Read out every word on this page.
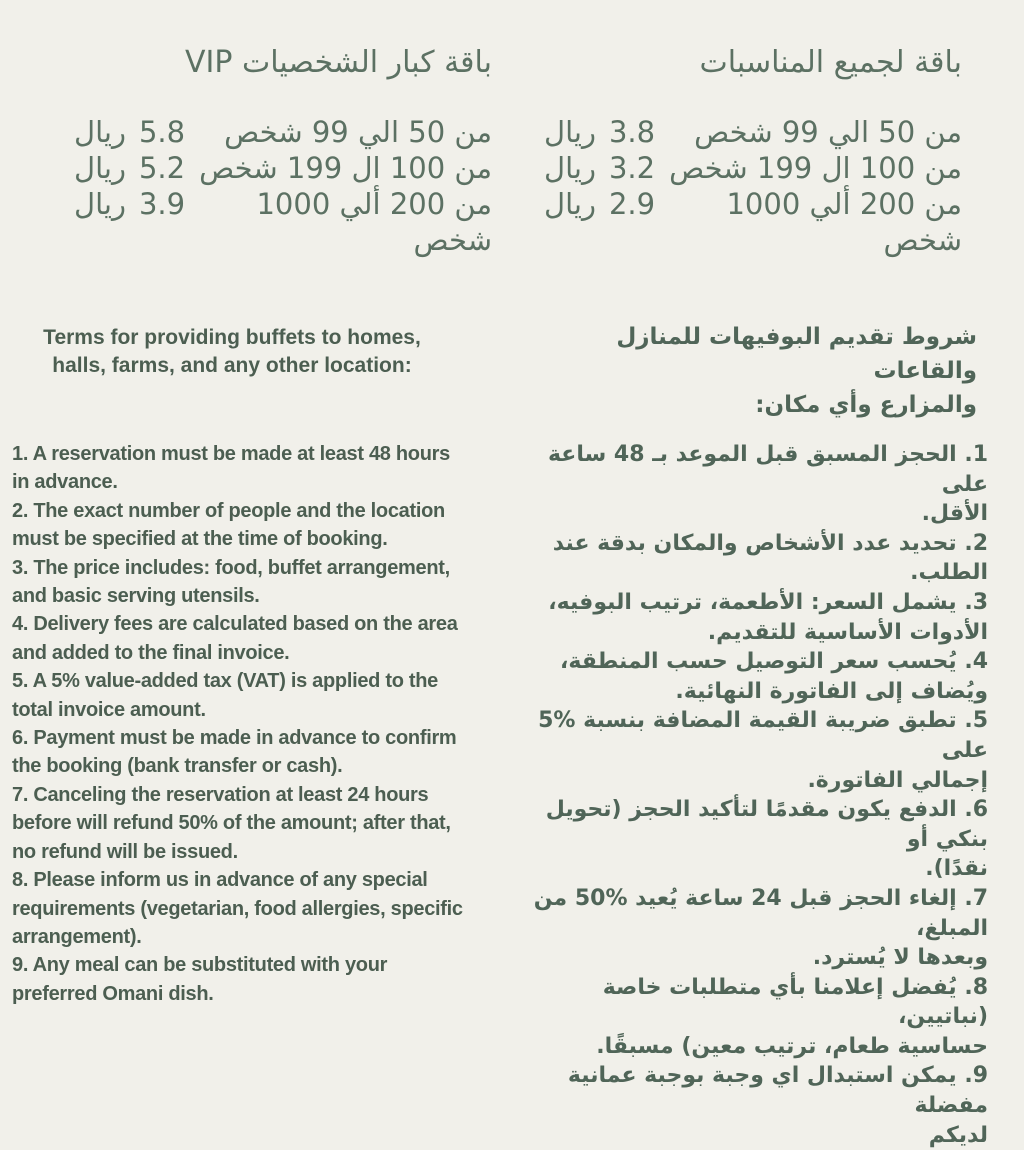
باقة كبار الشخصيات VIP
من 50 الي 99 شخص
5.8
ريال
من 100 ال 199 شخص
5.2
ريال
من 200 ألي 1000 شخص
3.9
ريال
باقة لجميع المناسبات
من 50 الي 99 شخص
3.8
ريال
من 100 ال 199 شخص
3.2
ريال
من 200 ألي 1000 شخص
2.9
ريال
Terms for providing buffets to homes,
halls, farms, and any other location:
شروط تقديم البوفيهات للمنازل والقاعات
والمزارع وأي مكان:
1. A reservation must be made at least 48 hours
in advance.
2. The exact number of people and the location
must be specified at the time of booking.
3. The price includes: food, buffet arrangement,
and basic serving utensils.
4. Delivery fees are calculated based on the area
and added to the final invoice.
5. A 5% value-added tax (VAT) is applied to the
total invoice amount.
6. Payment must be made in advance to confirm
the booking (bank transfer or cash).
7. Canceling the reservation at least 24 hours
before will refund 50% of the amount; after that,
no refund will be issued.
8. Please inform us in advance of any special
requirements (vegetarian, food allergies, specific
arrangement).
9. Any meal can be substituted with your
preferred Omani dish.
1. الحجز المسبق قبل الموعد بـ 48 ساعة على
الأقل.
2. تحديد عدد الأشخاص والمكان بدقة عند الطلب.
3. يشمل السعر: الأطعمة، ترتيب البوفيه،
الأدوات الأساسية للتقديم.
4. يُحسب سعر التوصيل حسب المنطقة،
ويُضاف إلى الفاتورة النهائية.
5. تطبق ضريبة القيمة المضافة بنسبة %5 على
إجمالي الفاتورة.
6. الدفع يكون مقدمًا لتأكيد الحجز (تحويل بنكي أو
نقدًا).
7. إلغاء الحجز قبل 24 ساعة يُعيد %50 من المبلغ،
وبعدها لا يُسترد.
8. يُفضل إعلامنا بأي متطلبات خاصة (نباتيين،
حساسية طعام، ترتيب معين) مسبقًا.
9. يمكن استبدال اي وجبة بوجبة عمانية مفضلة
لديكم
